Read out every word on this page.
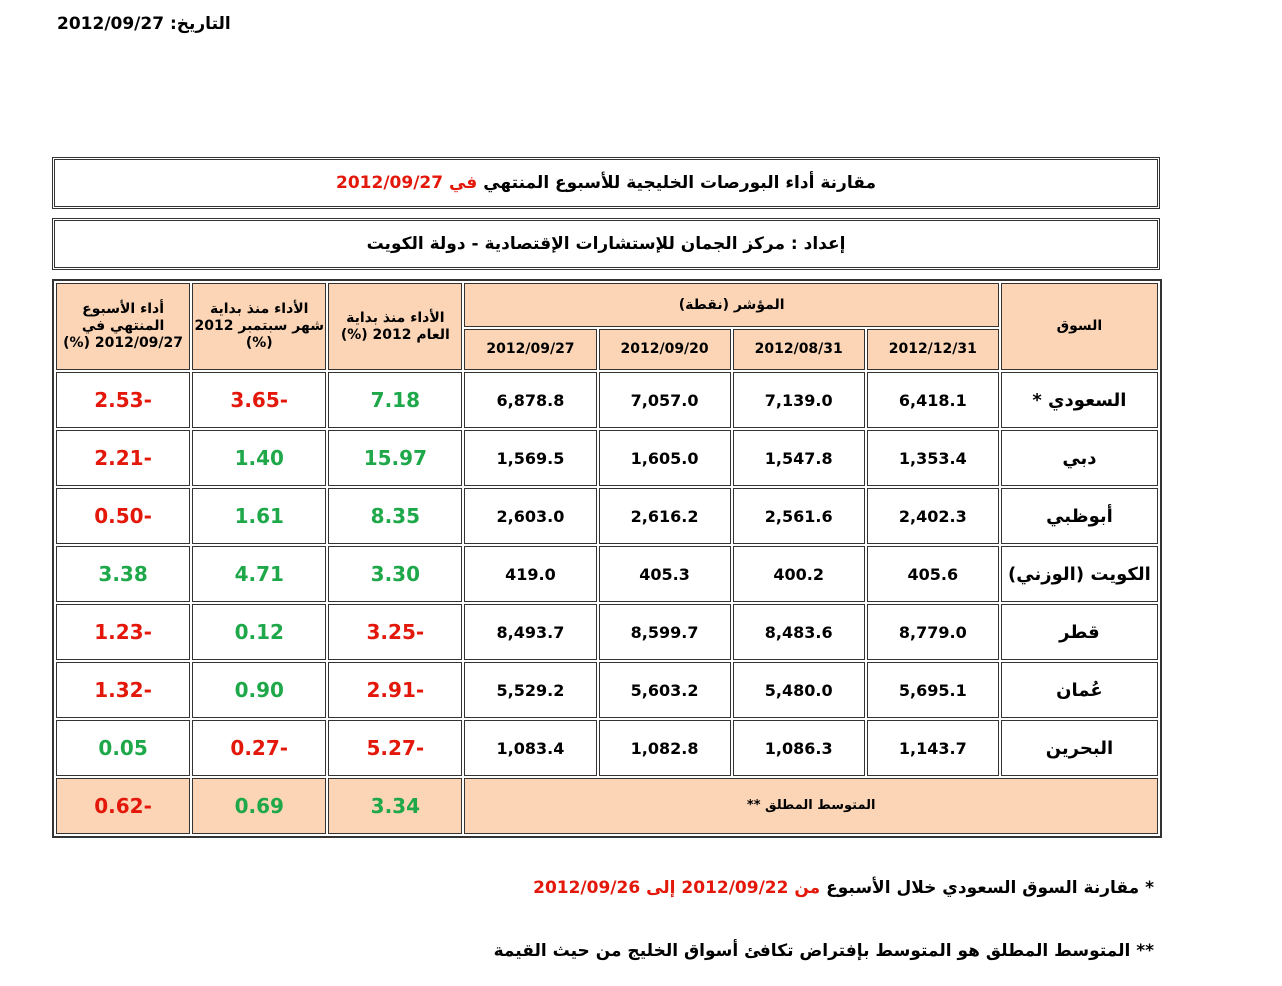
التاريخ: 2012/09/27
مقارنة أداء البورصات الخليجية للأسبوع المنتهي

في 2012/09/27
إعداد : مركز الجمان للإستشارات الإقتصادية - دولة الكويت
السوق	المؤشر (نقطة)				الأداء منذ بداية العام 2012 (%)	الأداء منذ بداية شهر سبتمبر 2012 (%)	أداء الأسبوع المنتهي في 2012/09/27 (%)
	2012/12/31	2012/08/31	2012/09/20	2012/09/27			
السعودي *	6,418.1	7,139.0	7,057.0	6,878.8	7.18	-3.65	-2.53
دبي	1,353.4	1,547.8	1,605.0	1,569.5	15.97	1.40	-2.21
أبوظبي	2,402.3	2,561.6	2,616.2	2,603.0	8.35	1.61	-0.50
الكويت (الوزني)	405.6	400.2	405.3	419.0	3.30	4.71	3.38
قطر	8,779.0	8,483.6	8,599.7	8,493.7	-3.25	0.12	-1.23
عُمان	5,695.1	5,480.0	5,603.2	5,529.2	-2.91	0.90	-1.32
البحرين	1,143.7	1,086.3	1,082.8	1,083.4	-5.27	-0.27	0.05
المتوسط المطلق **					3.34	0.69	-0.62
* مقارنة السوق السعودي خلال الأسبوع من 2012/09/22 إلى 2012/09/26
** المتوسط المطلق هو المتوسط بإفتراض تكافئ أسواق الخليج من حيث القيمة
